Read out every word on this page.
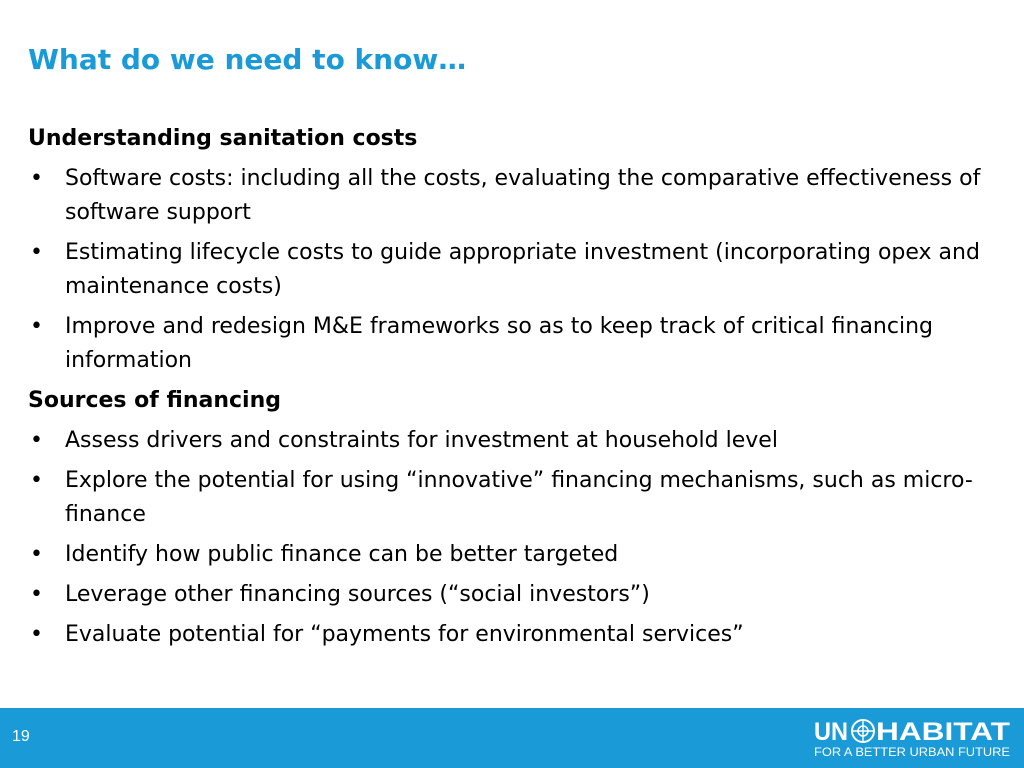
What do we need to know…
Understanding sanitation costs
•	Software costs: including all the costs, evaluating the comparative effectiveness of software support
•	Estimating lifecycle costs to guide appropriate investment (incorporating opex and maintenance costs)
•	Improve and redesign M&E frameworks so as to keep track of critical financing information
Sources of financing
•	Assess drivers and constraints for investment at household level
•	Explore the potential for using “innovative” financing mechanisms, such as micro-finance
•	Identify how public finance can be better targeted
•	Leverage other financing sources (“social investors”)
•	Evaluate potential for “payments for environmental services”
19	UN HABITAT
FOR A BETTER URBAN FUTURE
